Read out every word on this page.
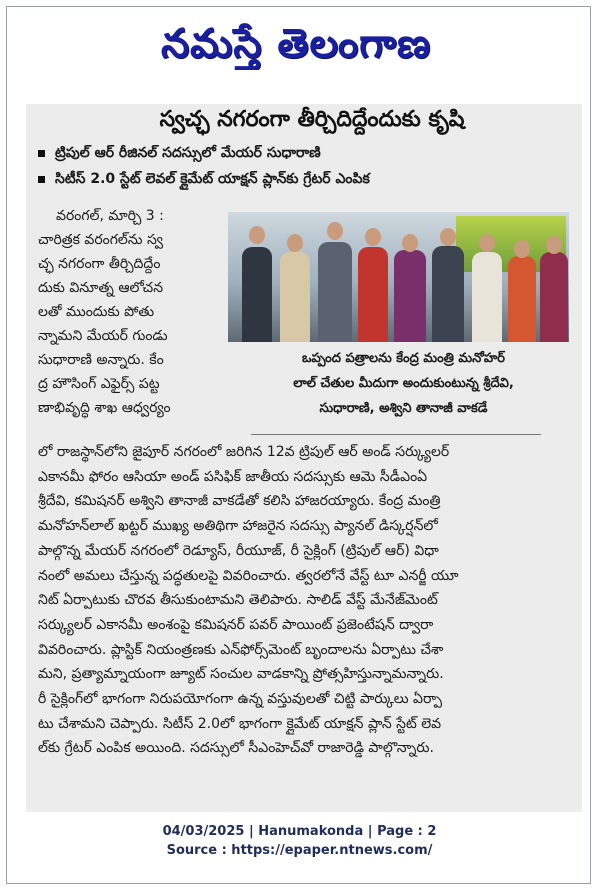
నమస్తే తెలంగాణ
స్వచ్ఛ నగరంగా తీర్చిదిద్దేందుకు కృషి
ట్రిపుల్ ఆర్ రీజినల్ సదస్సులో మేయర్ సుధారాణి
సిటీస్ 2.0 స్టేట్ లెవల్ క్లైమేట్ యాక్షన్ ప్లాన్‌కు గ్రేటర్ ఎంపిక

వరంగల్, మార్చి 3 :

చారిత్రక వరంగల్‌ను స్వ

చ్ఛ నగరంగా తీర్చిదిద్దేం

దుకు వినూత్న ఆలోచన

లతో ముందుకు పోతు

న్నామని మేయర్ గుండు

సుధారాణి అన్నారు. కేం

ద్ర హౌసింగ్ ఎఫైర్స్ పట్ట

ణాభివృద్ధి శాఖ ఆధ్వర్యం

ఒప్పంద పత్రాలను కేంద్ర మంత్రి మనోహర్

లాల్ చేతుల మీదుగా అందుకుంటున్న శ్రీదేవి,

సుధారాణి, అశ్విని తానాజీ వాకడే

లో రాజస్థాన్‌లోని జైపూర్ నగరంలో జరిగిన 12వ ట్రిపుల్ ఆర్ అండ్ సర్క్యులర్

ఎకానమీ ఫోరం ఆసియా అండ్ పసిఫిక్ జాతీయ సదస్సుకు ఆమె సీడీఎంఏ

శ్రీదేవి, కమిషనర్ అశ్విని తానాజీ వాకడేతో కలిసి హాజరయ్యారు. కేంద్ర మంత్రి

మనోహన్‌లాల్ ఖట్టర్ ముఖ్య అతిథిగా హాజరైన సదస్సు ప్యానల్ డిస్కర్షన్‌లో

పాల్గొన్న మేయర్ నగరంలో రెడ్యూస్, రీయూజ్, రీ సైక్లింగ్ (ట్రిపుల్ ఆర్) విధా

నంలో అమలు చేస్తున్న పద్ధతులపై వివరించారు. త్వరలోనే వేస్ట్ టూ ఎనర్జీ యూ

నిట్ ఏర్పాటుకు చొరవ తీసుకుంటామని తెలిపారు. సాలిడ్ వేస్ట్ మేనేజ్‌మెంట్

సర్క్యులర్ ఎకానమీ అంశంపై కమిషనర్ పవర్ పాయింట్ ప్రజెంటేషన్ ద్వారా

వివరించారు. ప్లాస్టిక్ నియంత్రణకు ఎన్‌ఫోర్స్‌మెంట్ బృందాలను ఏర్పాటు చేశా

మని, ప్రత్యామ్నాయంగా జ్యూట్ సంచుల వాడకాన్ని ప్రోత్సహిస్తున్నామన్నారు.

రీ సైక్లింగ్‌లో భాగంగా నిరుపయోగంగా ఉన్న వస్తువులతో చిట్టి పార్కులు ఏర్పా

టు చేశామని చెప్పారు. సిటీస్ 2.0లో భాగంగా క్లైమేట్ యాక్షన్ ప్లాన్ స్టేట్ లెవ

ల్‌కు గ్రేటర్ ఎంపిక అయింది. సదస్సులో సీఎంహెచ్‌వో రాజారెడ్డి పాల్గొన్నారు.

04/03/2025 | Hanumakonda | Page : 2

Source : https://epaper.ntnews.com/
